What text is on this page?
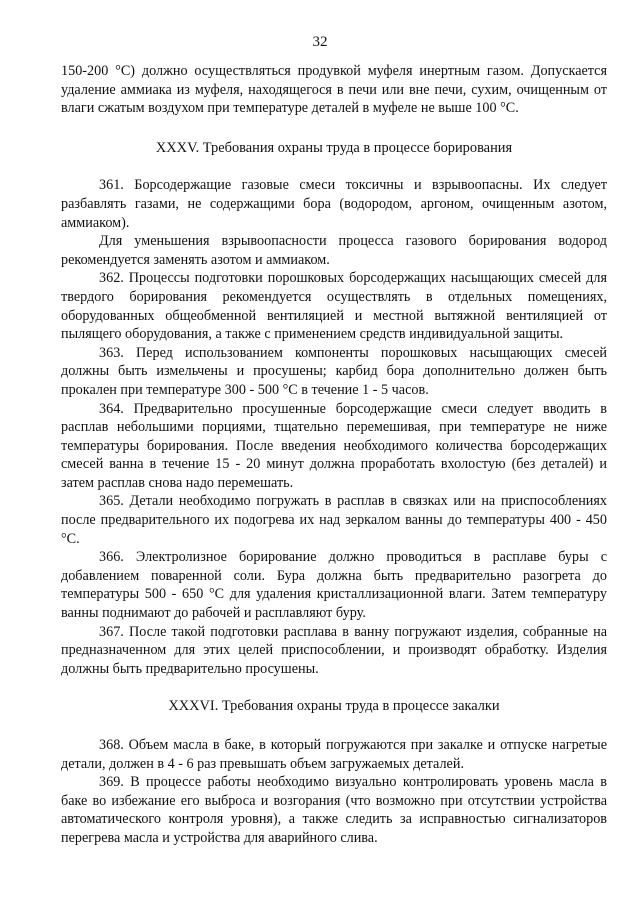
32

150-200 °С) должно осуществляться продувкой муфеля инертным газом. Допускается удаление аммиака из муфеля, находящегося в печи или вне печи, сухим, очищенным от влаги сжатым воздухом при температуре деталей в муфеле не выше 100 °С.

XXXV. Требования охраны труда в процессе борирования

361. Борсодержащие газовые смеси токсичны и взрывоопасны. Их следует разбавлять газами, не содержащими бора (водородом, аргоном, очищенным азотом, аммиаком).

Для уменьшения взрывоопасности процесса газового борирования водород рекомендуется заменять азотом и аммиаком.

362. Процессы подготовки порошковых борсодержащих насыщающих смесей для твердого борирования рекомендуется осуществлять в отдельных помещениях, оборудованных общеобменной вентиляцией и местной вытяжной вентиляцией от пылящего оборудования, а также с применением средств индивидуальной защиты.

363. Перед использованием компоненты порошковых насыщающих смесей должны быть измельчены и просушены; карбид бора дополнительно должен быть прокален при температуре 300 - 500 °С в течение 1 - 5 часов.

364. Предварительно просушенные борсодержащие смеси следует вводить в расплав небольшими порциями, тщательно перемешивая, при температуре не ниже температуры борирования. После введения необходимого количества борсодержащих смесей ванна в течение 15 - 20 минут должна проработать вхолостую (без деталей) и затем расплав снова надо перемешать.

365. Детали необходимо погружать в расплав в связках или на приспособлениях после предварительного их подогрева их над зеркалом ванны до температуры 400 - 450 °С.

366. Электролизное борирование должно проводиться в расплаве буры с добавлением поваренной соли. Бура должна быть предварительно разогрета до температуры 500 - 650 °С для удаления кристаллизационной влаги. Затем температуру ванны поднимают до рабочей и расплавляют буру.

367. После такой подготовки расплава в ванну погружают изделия, собранные на предназначенном для этих целей приспособлении, и производят обработку. Изделия должны быть предварительно просушены.

XXXVI. Требования охраны труда в процессе закалки

368. Объем масла в баке, в который погружаются при закалке и отпуске нагретые детали, должен в 4 - 6 раз превышать объем загружаемых деталей.

369. В процессе работы необходимо визуально контролировать уровень масла в баке во избежание его выброса и возгорания (что возможно при отсутствии устройства автоматического контроля уровня), а также следить за исправностью сигнализаторов перегрева масла и устройства для аварийного слива.
